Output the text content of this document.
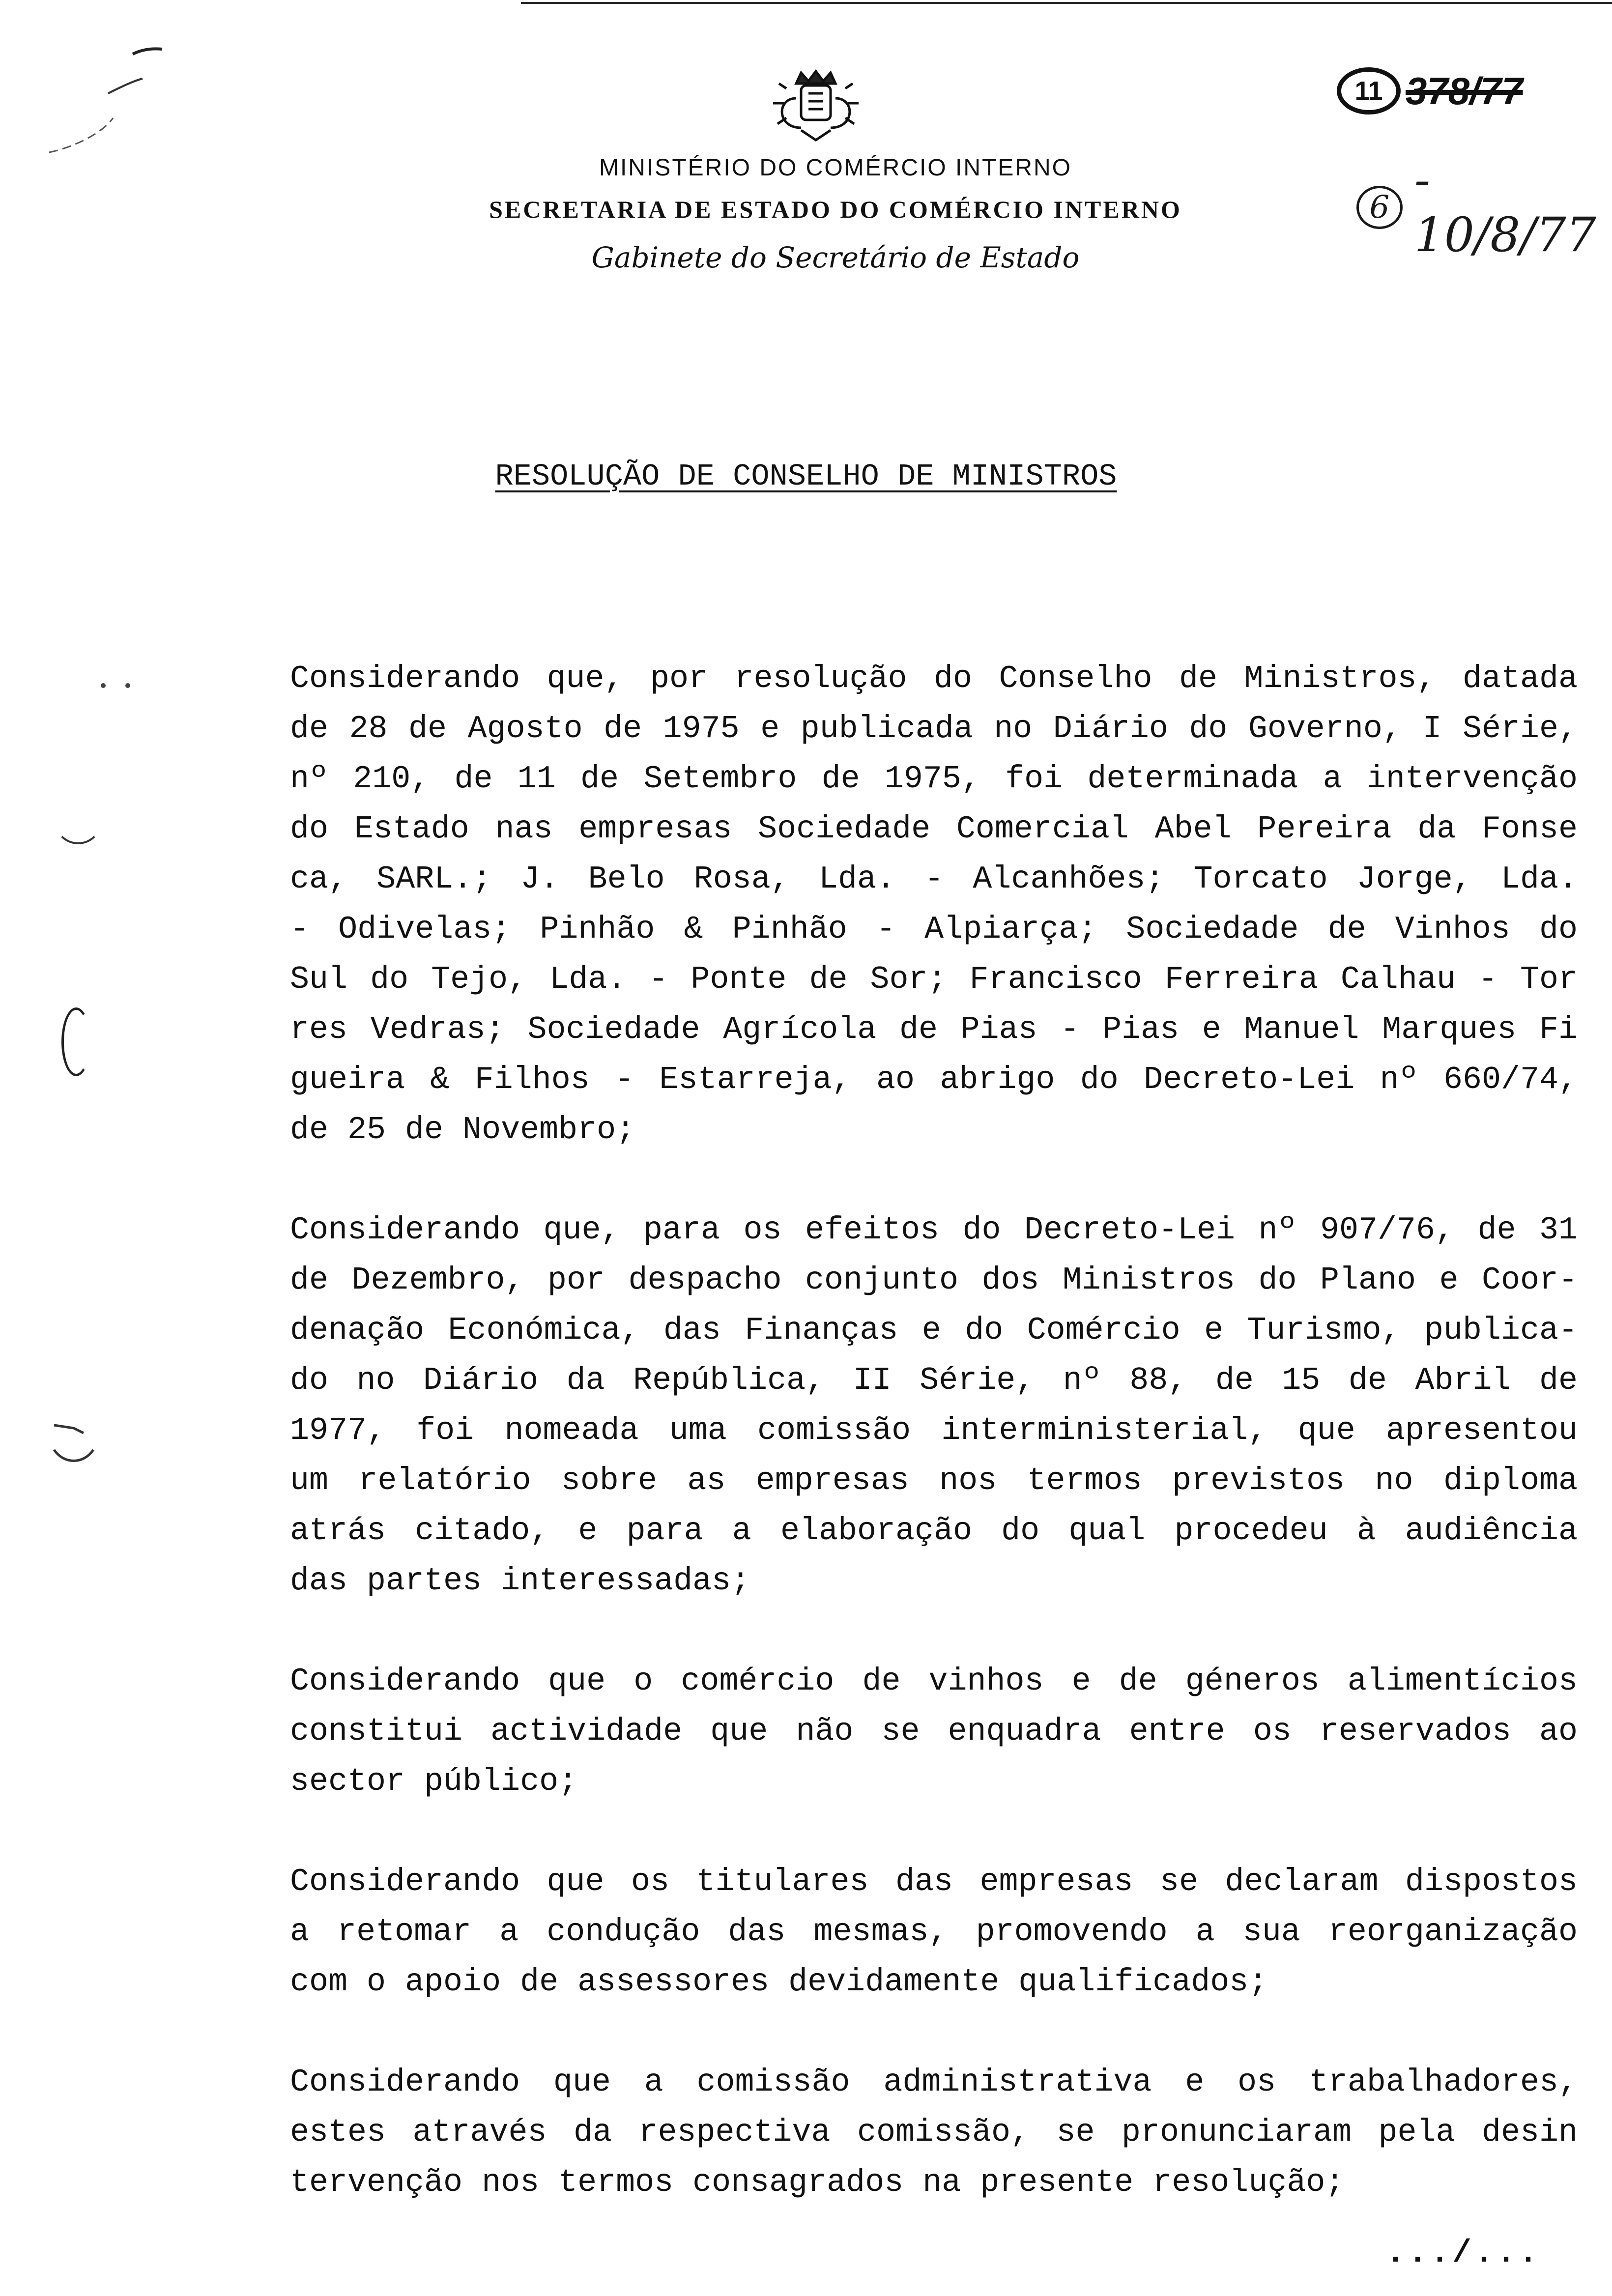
MINISTÉRIO DO COMÉRCIO INTERNO

SECRETARIA DE ESTADO DO COMÉRCIO INTERNO

Gabinete do Secretário de Estado

11 378/77
6 - 10/8/77

RESOLUÇÃO DE CONSELHO DE MINISTROS

Considerando que, por resolução do Conselho de Ministros, datada
de 28 de Agosto de 1975 e publicada no Diário do Governo, I Série,
nº 210, de 11 de Setembro de 1975, foi determinada a intervenção
do Estado nas empresas Sociedade Comercial Abel Pereira da Fonse
ca, SARL.; J. Belo Rosa, Lda. - Alcanhões; Torcato Jorge, Lda.
- Odivelas; Pinhão & Pinhão - Alpiarça; Sociedade de Vinhos do
Sul do Tejo, Lda. - Ponte de Sor; Francisco Ferreira Calhau - Tor
res Vedras; Sociedade Agrícola de Pias - Pias e Manuel Marques Fi
gueira & Filhos - Estarreja, ao abrigo do Decreto-Lei nº 660/74,
de 25 de Novembro;
Considerando que, para os efeitos do Decreto-Lei nº 907/76, de 31
de Dezembro, por despacho conjunto dos Ministros do Plano e Coor-
denação Económica, das Finanças e do Comércio e Turismo, publica-
do no Diário da República, II Série, nº 88, de 15 de Abril de
1977, foi nomeada uma comissão interministerial, que apresentou
um relatório sobre as empresas nos termos previstos no diploma
atrás citado, e para a elaboração do qual procedeu à audiência
das partes interessadas;
Considerando que o comércio de vinhos e de géneros alimentícios
constitui actividade que não se enquadra entre os reservados ao
sector público;
Considerando que os titulares das empresas se declaram dispostos
a retomar a condução das mesmas, promovendo a sua reorganização
com o apoio de assessores devidamente qualificados;
Considerando que a comissão administrativa e os trabalhadores,
estes através da respectiva comissão, se pronunciaram pela desin
tervenção nos termos consagrados na presente resolução;

.../...
